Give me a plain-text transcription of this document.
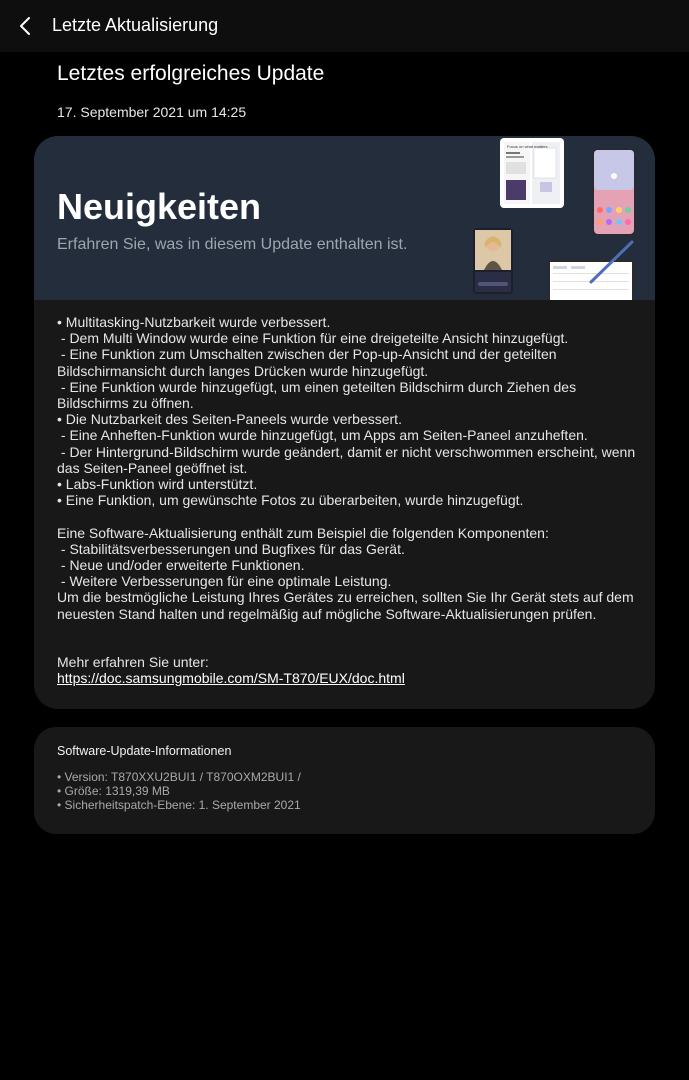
Letzte Aktualisierung
Letztes erfolgreiches Update
17. September 2021 um 14:25
Neuigkeiten
Erfahren Sie, was in diesem Update enthalten ist.
Focus on what matters
• Multitasking-Nutzbarkeit wurde verbessert.
- Dem Multi Window wurde eine Funktion für eine dreigeteilte Ansicht hinzugefügt.
- Eine Funktion zum Umschalten zwischen der Pop-up-Ansicht und der geteilten
Bildschirmansicht durch langes Drücken wurde hinzugefügt.
- Eine Funktion wurde hinzugefügt, um einen geteilten Bildschirm durch Ziehen des
Bildschirms zu öffnen.
• Die Nutzbarkeit des Seiten-Paneels wurde verbessert.
- Eine Anheften-Funktion wurde hinzugefügt, um Apps am Seiten-Paneel anzuheften.
- Der Hintergrund-Bildschirm wurde geändert, damit er nicht verschwommen erscheint, wenn
das Seiten-Paneel geöffnet ist.
• Labs-Funktion wird unterstützt.
• Eine Funktion, um gewünschte Fotos zu überarbeiten, wurde hinzugefügt.
Eine Software-Aktualisierung enthält zum Beispiel die folgenden Komponenten:
- Stabilitätsverbesserungen und Bugfixes für das Gerät.
- Neue und/oder erweiterte Funktionen.
- Weitere Verbesserungen für eine optimale Leistung.
Um die bestmögliche Leistung Ihres Gerätes zu erreichen, sollten Sie Ihr Gerät stets auf dem
neuesten Stand halten und regelmäßig auf mögliche Software-Aktualisierungen prüfen.
Mehr erfahren Sie unter:
https://doc.samsungmobile.com/SM-T870/EUX/doc.html
Software-Update-Informationen
• Version: T870XXU2BUI1 / T870OXM2BUI1 /
• Größe: 1319,39 MB
• Sicherheitspatch-Ebene: 1. September 2021
